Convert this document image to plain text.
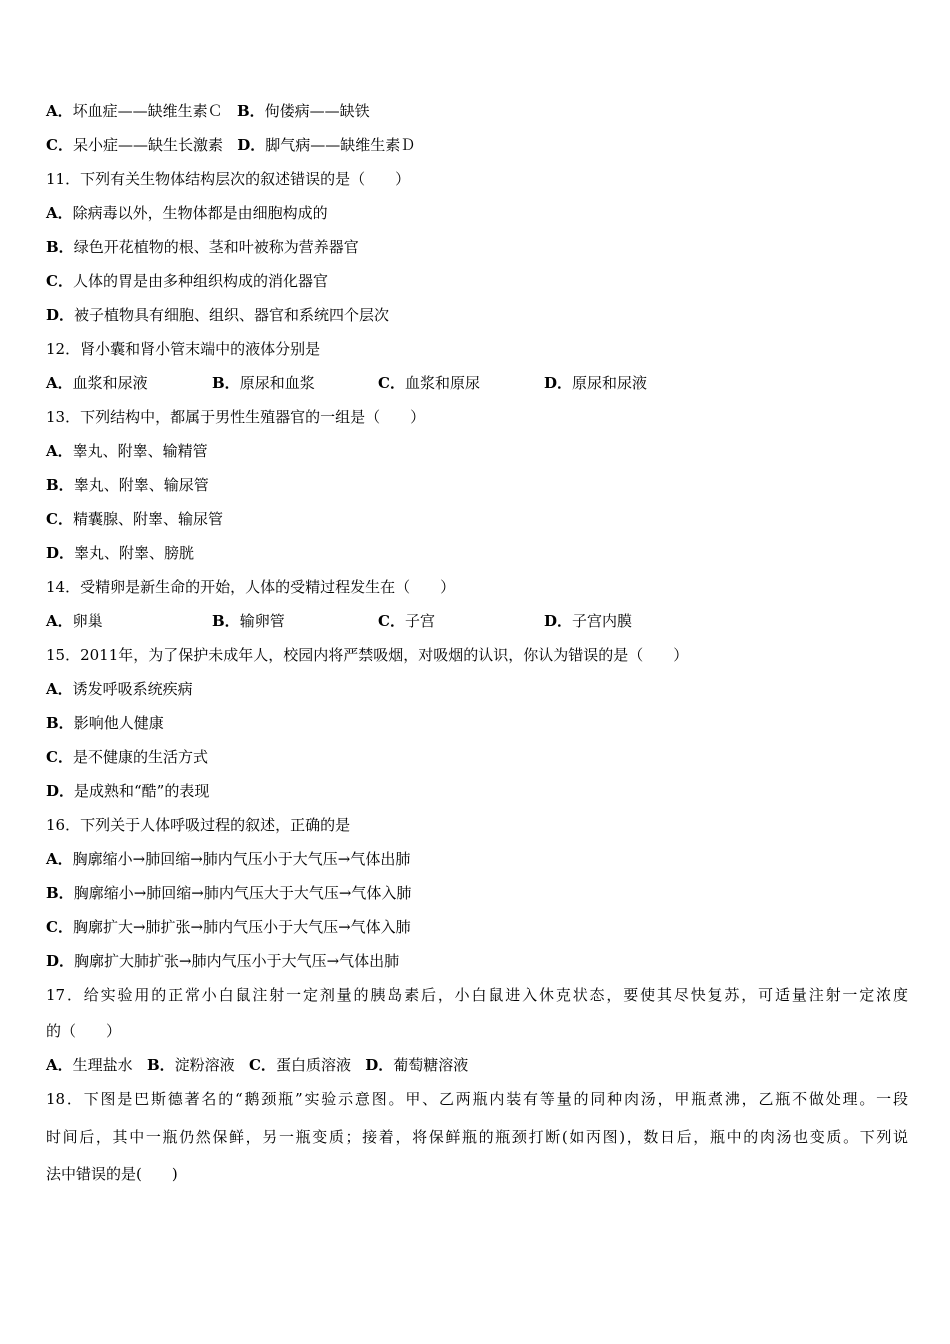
A．坏血症——缺维生素Ｃ B．佝偻病——缺铁
C．呆小症——缺生长激素 D．脚气病——缺维生素Ｄ
11．下列有关生物体结构层次的叙述错误的是（　　）
A．除病毒以外，生物体都是由细胞构成的
B．绿色开花植物的根、茎和叶被称为营养器官
C．人体的胃是由多种组织构成的消化器官
D．被子植物具有细胞、组织、器官和系统四个层次
12．肾小囊和肾小管末端中的液体分别是
A．血浆和尿液	B．原尿和血浆	C．血浆和原尿	D．原尿和尿液
13．下列结构中，都属于男性生殖器官的一组是（　　）
A．睾丸、附睾、输精管
B．睾丸、附睾、输尿管
C．精囊腺、附睾、输尿管
D．睾丸、附睾、膀胱
14．受精卵是新生命的开始，人体的受精过程发生在（　　）
A．卵巢	B．输卵管	C．子宫	D．子宫内膜
15．2011年，为了保护未成年人，校园内将严禁吸烟，对吸烟的认识，你认为错误的是（　　）
A．诱发呼吸系统疾病
B．影响他人健康
C．是不健康的生活方式
D．是成熟和“酷”的表现
16．下列关于人体呼吸过程的叙述，正确的是
A．胸廓缩小→肺回缩→肺内气压小于大气压→气体出肺
B．胸廓缩小→肺回缩→肺内气压大于大气压→气体入肺
C．胸廓扩大→肺扩张→肺内气压小于大气压→气体入肺
D．胸廓扩大肺扩张→肺内气压小于大气压→气体出肺
17．给实验用的正常小白鼠注射一定剂量的胰岛素后，小白鼠进入休克状态，要使其尽快复苏，可适量注射一定浓度
的（　　）
A．生理盐水 B．淀粉溶液 C．蛋白质溶液 D．葡萄糖溶液
18．下图是巴斯德著名的“鹅颈瓶”实验示意图。甲、乙两瓶内装有等量的同种肉汤，甲瓶煮沸，乙瓶不做处理。一段
时间后，其中一瓶仍然保鲜，另一瓶变质；接着，将保鲜瓶的瓶颈打断(如丙图)，数日后，瓶中的肉汤也变质。下列说
法中错误的是(　　)
